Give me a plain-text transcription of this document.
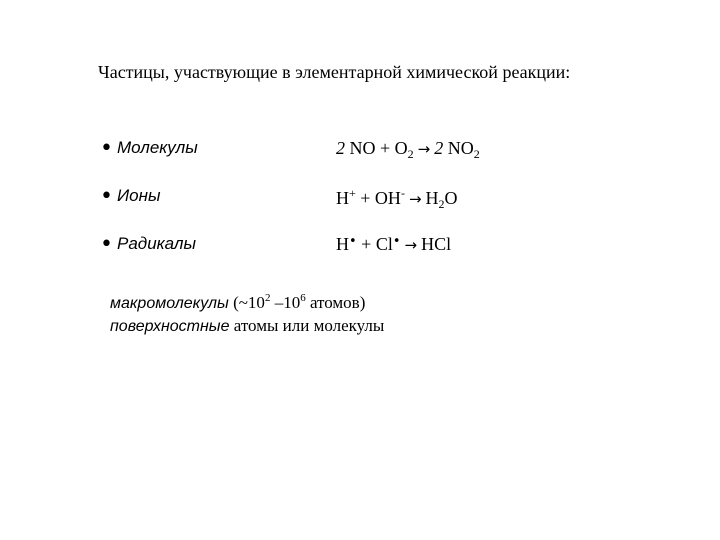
Частицы, участвующие в элементарной химической реакции:
• Молекулы	2 NO + $O_2 \to 2$ $NO_2$
• Ионы	$H^+ + OH^- \to H_2O$
• Радикалы	H• + Cl• → HCl
макромолекулы ($\sim 10^2$ $-10^6$ атомов)
поверхностные атомы или молекулы
